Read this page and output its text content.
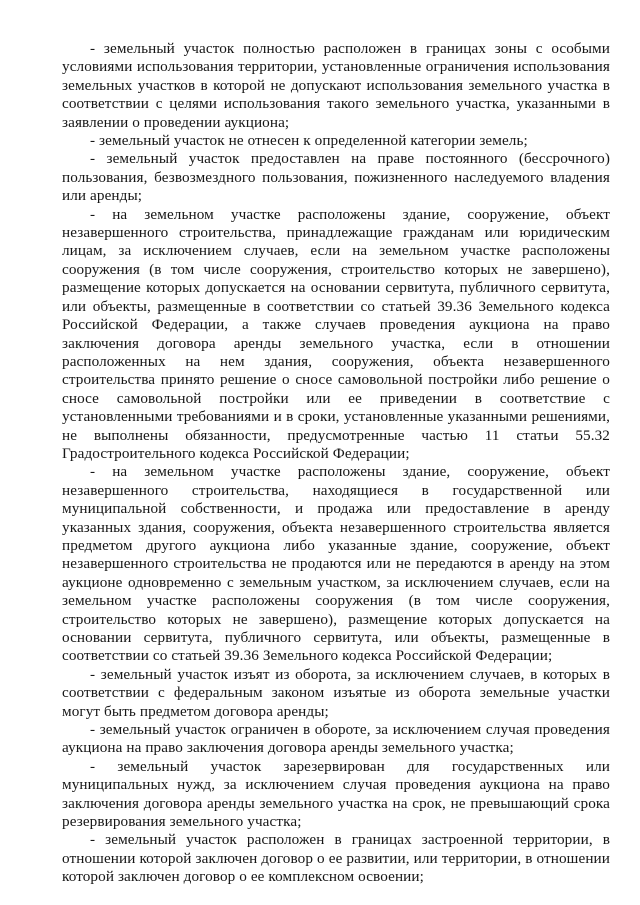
- земельный участок полностью расположен в границах зоны с особыми условиями использования территории, установленные ограничения использования земельных участков в которой не допускают использования земельного участка в соответствии с целями использования такого земельного участка, указанными в заявлении о проведении аукциона;

- земельный участок не отнесен к определенной категории земель;

- земельный участок предоставлен на праве постоянного (бессрочного) пользования, безвозмездного пользования, пожизненного наследуемого владения или аренды;

- на земельном участке расположены здание, сооружение, объект незавершенного строительства, принадлежащие гражданам или юридическим лицам, за исключением случаев, если на земельном участке расположены сооружения (в том числе сооружения, строительство которых не завершено), размещение которых допускается на основании сервитута, публичного сервитута, или объекты, размещенные в соответствии со статьей 39.36 Земельного кодекса Российской Федерации, а также случаев проведения аукциона на право заключения договора аренды земельного участка, если в отношении расположенных на нем здания, сооружения, объекта незавершенного строительства принято решение о сносе самовольной постройки либо решение о сносе самовольной постройки или ее приведении в соответствие с установленными требованиями и в сроки, установленные указанными решениями, не выполнены обязанности, предусмотренные частью 11 статьи 55.32 Градостроительного кодекса Российской Федерации;

- на земельном участке расположены здание, сооружение, объект незавершенного строительства, находящиеся в государственной или муниципальной собственности, и продажа или предоставление в аренду указанных здания, сооружения, объекта незавершенного строительства является предметом другого аукциона либо указанные здание, сооружение, объект незавершенного строительства не продаются или не передаются в аренду на этом аукционе одновременно с земельным участком, за исключением случаев, если на земельном участке расположены сооружения (в том числе сооружения, строительство которых не завершено), размещение которых допускается на основании сервитута, публичного сервитута, или объекты, размещенные в соответствии со статьей 39.36 Земельного кодекса Российской Федерации;

- земельный участок изъят из оборота, за исключением случаев, в которых в соответствии с федеральным законом изъятые из оборота земельные участки могут быть предметом договора аренды;

- земельный участок ограничен в обороте, за исключением случая проведения аукциона на право заключения договора аренды земельного участка;

- земельный участок зарезервирован для государственных или муниципальных нужд, за исключением случая проведения аукциона на право заключения договора аренды земельного участка на срок, не превышающий срока резервирования земельного участка;

- земельный участок расположен в границах застроенной территории, в отношении которой заключен договор о ее развитии, или территории, в отношении которой заключен договор о ее комплексном освоении;
